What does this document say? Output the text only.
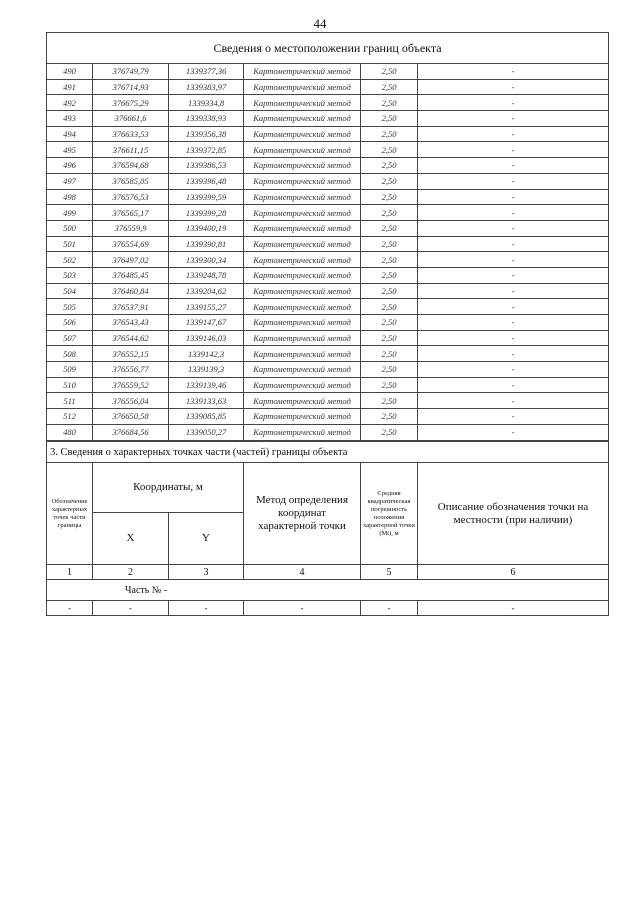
44
Сведения о местоположении границ объекта					
490	376749,79	1339377,36	Картометрический метод	2,50	-
491	376714,93	1339383,97	Картометрический метод	2,50	-
492	376675,29	1339334,8	Картометрический метод	2,50	-
493	376661,6	1339338,93	Картометрический метод	2,50	-
494	376633,53	1339356,38	Картометрический метод	2,50	-
495	376611,15	1339372,85	Картометрический метод	2,50	-
496	376594,68	1339386,53	Картометрический метод	2,50	-
497	376585,05	1339396,48	Картометрический метод	2,50	-
498	376576,53	1339399,59	Картометрический метод	2,50	-
499	376565,17	1339399,28	Картометрический метод	2,50	-
500	376559,9	1339400,19	Картометрический метод	2,50	-
501	376554,69	1339390,81	Картометрический метод	2,50	-
502	376497,02	1339300,34	Картометрический метод	2,50	-
503	376485,45	1339248,78	Картометрический метод	2,50	-
504	376460,84	1339204,62	Картометрический метод	2,50	-
505	376537,91	1339155,27	Картометрический метод	2,50	-
506	376543,43	1339147,67	Картометрический метод	2,50	-
507	376544,62	1339146,03	Картометрический метод	2,50	-
508	376552,15	1339142,3	Картометрический метод	2,50	-
509	376556,77	1339139,3	Картометрический метод	2,50	-
510	376559,52	1339139,46	Картометрический метод	2,50	-
511	376556,04	1339133,63	Картометрический метод	2,50	-
512	376650,58	1339085,85	Картометрический метод	2,50	-
480	376684,56	1339050,27	Картометрический метод	2,50	-
3. Сведения о характерных точках части (частей) границы объекта					
Обозначение характерных точек части границы	Координаты, м		Метод определения координат характерной точки	Средняя квадратическая погрешность положения характерной точки (Mt), м	Описание обозначения точки на местности (при наличии)
	X	Y			
1	2	3	4	5	6
Часть № -					
-	-	-	-	-	-
